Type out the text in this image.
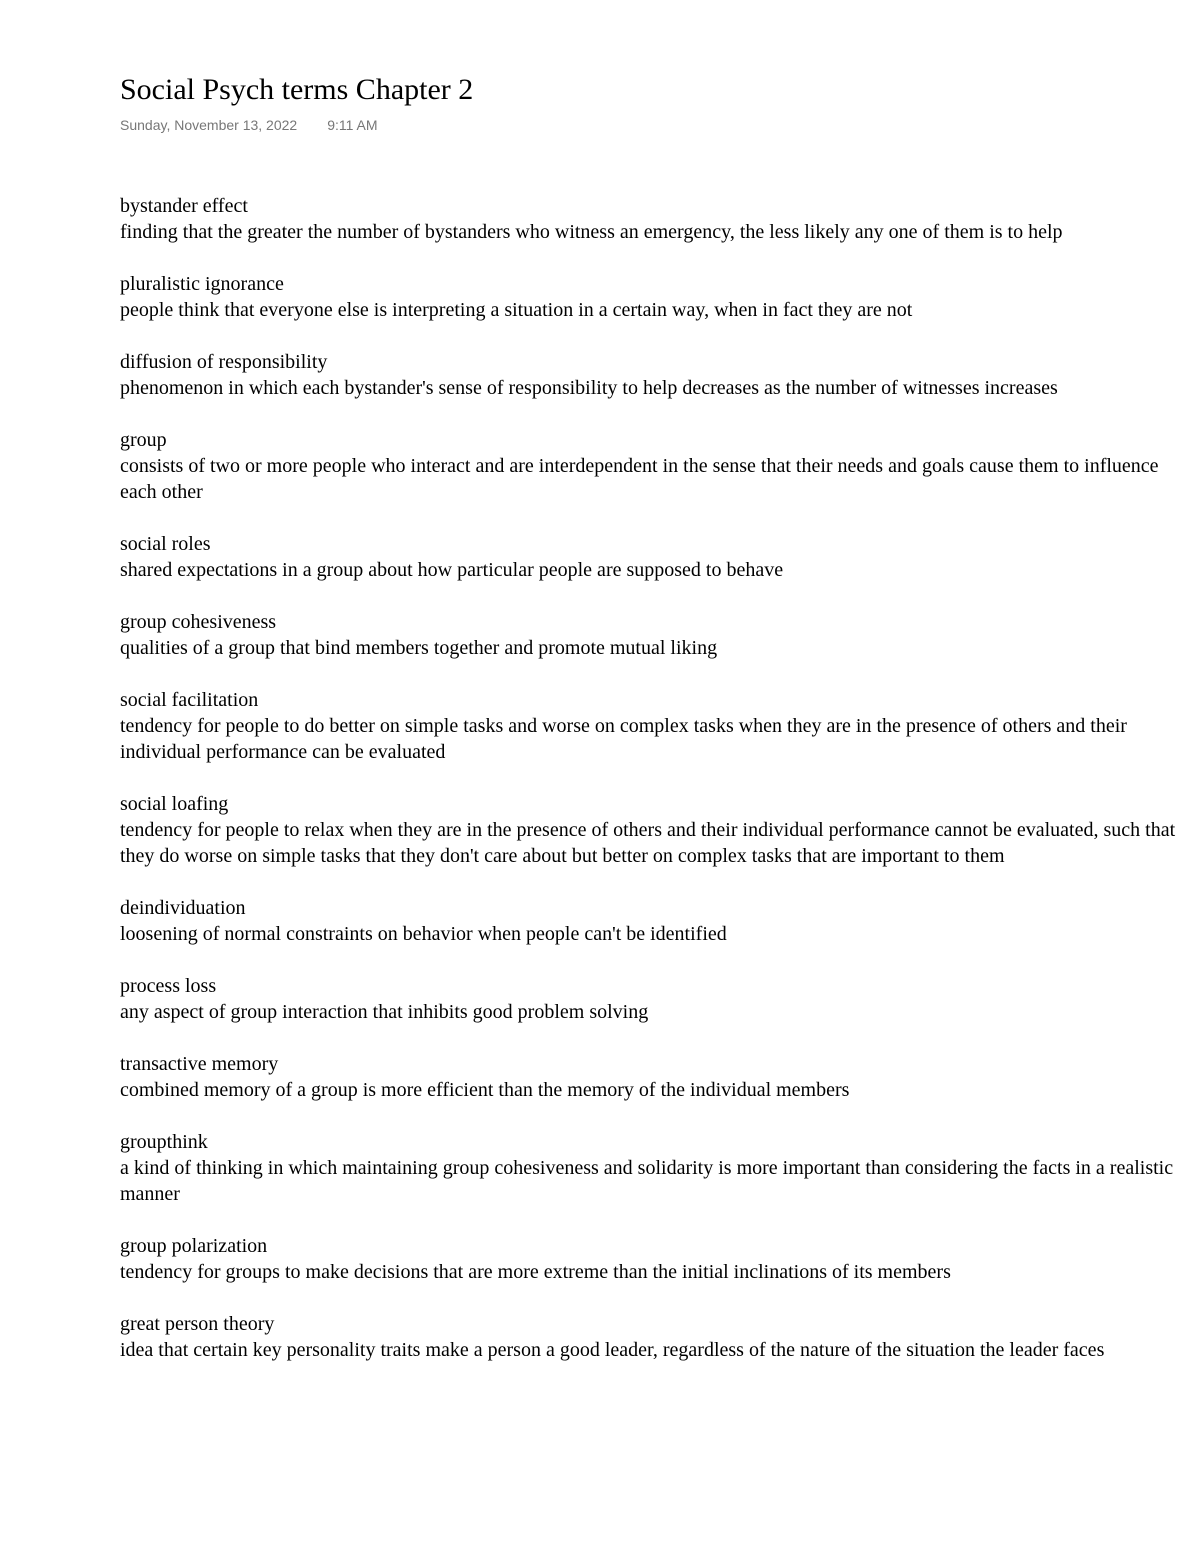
Social Psych terms Chapter 2
Sunday, November 13, 2022 9:11 AM
bystander effect
finding that the greater the number of bystanders who witness an emergency, the less likely any one of them is to help
pluralistic ignorance
people think that everyone else is interpreting a situation in a certain way, when in fact they are not
diffusion of responsibility
phenomenon in which each bystander's sense of responsibility to help decreases as the number of witnesses increases
group
consists of two or more people who interact and are interdependent in the sense that their needs and goals cause them to influence each other
social roles
shared expectations in a group about how particular people are supposed to behave
group cohesiveness
qualities of a group that bind members together and promote mutual liking
social facilitation
tendency for people to do better on simple tasks and worse on complex tasks when they are in the presence of others and their individual performance can be evaluated
social loafing
tendency for people to relax when they are in the presence of others and their individual performance cannot be evaluated, such that they do worse on simple tasks that they don't care about but better on complex tasks that are important to them
deindividuation
loosening of normal constraints on behavior when people can't be identified
process loss
any aspect of group interaction that inhibits good problem solving
transactive memory
combined memory of a group is more efficient than the memory of the individual members
groupthink
a kind of thinking in which maintaining group cohesiveness and solidarity is more important than considering the facts in a realistic manner
group polarization
tendency for groups to make decisions that are more extreme than the initial inclinations of its members
great person theory
idea that certain key personality traits make a person a good leader, regardless of the nature of the situation the leader faces
